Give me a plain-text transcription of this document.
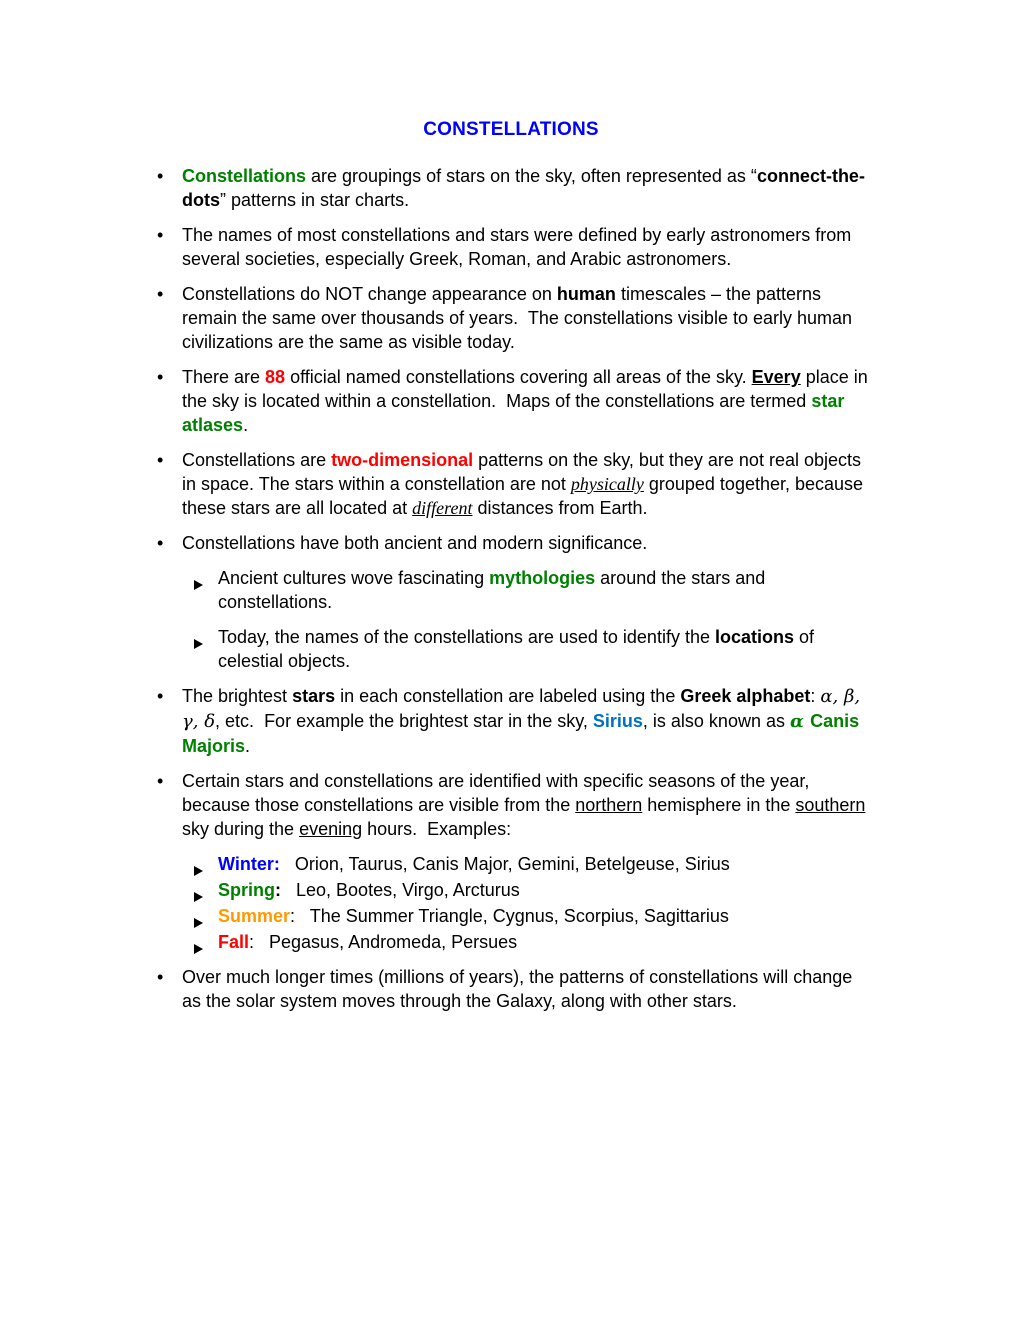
CONSTELLATIONS
• Constellations are groupings of stars on the sky, often represented as “connect-the-dots” patterns in star charts.
• The names of most constellations and stars were defined by early astronomers from several societies, especially Greek, Roman, and Arabic astronomers.
• Constellations do NOT change appearance on human timescales – the patterns remain the same over thousands of years.  The constellations visible to early human civilizations are the same as visible today.
• There are 88 official named constellations covering all areas of the sky. Every place in the sky is located within a constellation.  Maps of the constellations are termed star atlases.
• Constellations are two-dimensional patterns on the sky, but they are not real objects in space. The stars within a constellation are not physically grouped together, because these stars are all located at different distances from Earth.
• Constellations have both ancient and modern significance.
Ancient cultures wove fascinating mythologies around the stars and constellations.
Today, the names of the constellations are used to identify the locations of celestial objects.
• The brightest stars in each constellation are labeled using the Greek alphabet: α, β, γ, δ, etc.  For example the brightest star in the sky, Sirius, is also known as α Canis Majoris.
• Certain stars and constellations are identified with specific seasons of the year, because those constellations are visible from the northern hemisphere in the southern sky during the evening hours.  Examples:
Winter:   Orion, Taurus, Canis Major, Gemini, Betelgeuse, Sirius
Spring:   Leo, Bootes, Virgo, Arcturus
Summer:   The Summer Triangle, Cygnus, Scorpius, Sagittarius
Fall:   Pegasus, Andromeda, Persues
• Over much longer times (millions of years), the patterns of constellations will change as the solar system moves through the Galaxy, along with other stars.
